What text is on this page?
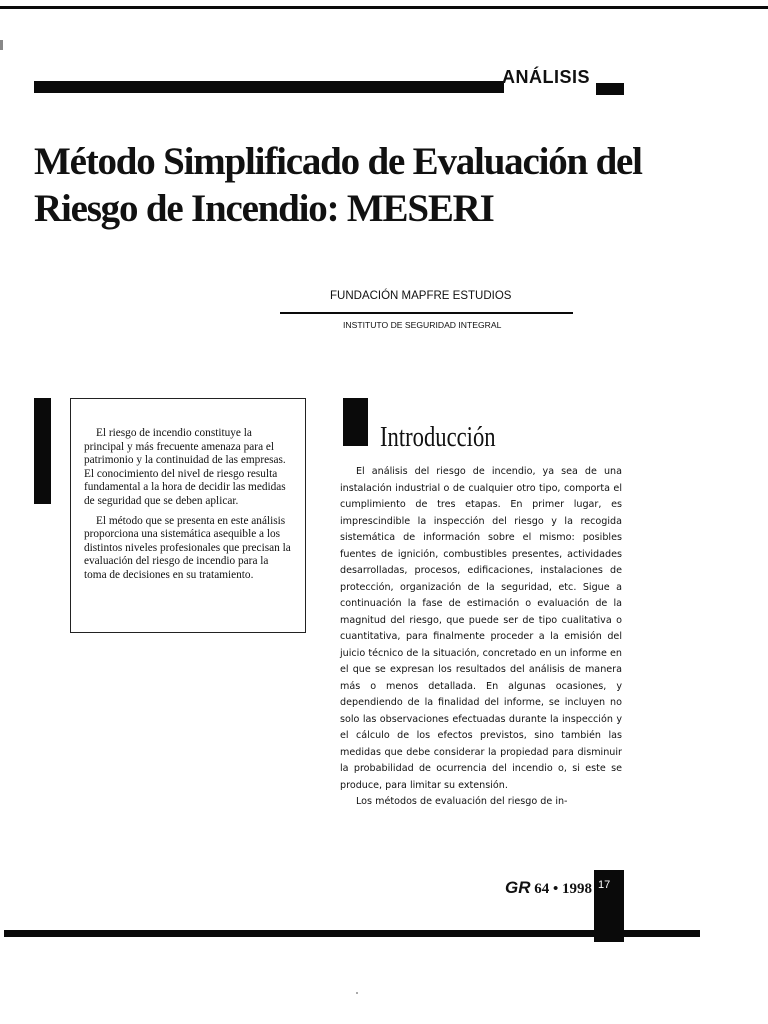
ANÁLISIS
Método Simplificado de Evaluación del Riesgo de Incendio: MESERI
FUNDACIÓN MAPFRE ESTUDIOS
INSTITUTO DE SEGURIDAD INTEGRAL

El riesgo de incendio constituye la principal y más frecuente amenaza para el patrimonio y la continuidad de las empresas. El conocimiento del nivel de riesgo resulta fundamental a la hora de decidir las medidas de seguridad que se deben aplicar.

El método que se presenta en este análisis proporciona una sistemática asequible a los distintos niveles profesionales que precisan la evaluación del riesgo de incendio para la toma de decisiones en su tratamiento.

Introducción

El análisis del riesgo de incendio, ya sea de una instalación industrial o de cualquier otro tipo, comporta el cumplimiento de tres etapas. En primer lugar, es imprescindible la inspección del riesgo y la recogida sistemática de información sobre el mismo: posibles fuentes de ignición, combustibles presentes, actividades desarrolladas, procesos, edificaciones, instalaciones de protección, organización de la seguridad, etc. Sigue a continuación la fase de estimación o evaluación de la magnitud del riesgo, que puede ser de tipo cualitativa o cuantitativa, para finalmente proceder a la emisión del juicio técnico de la situación, concretado en un informe en el que se expresan los resultados del análisis de manera más o menos detallada. En algunas ocasiones, y dependiendo de la finalidad del informe, se incluyen no solo las observaciones efectuadas durante la inspección y el cálculo de los efectos previstos, sino también las medidas que debe considerar la propiedad para disminuir la probabilidad de ocurrencia del incendio o, si este se produce, para limitar su extensión.

Los métodos de evaluación del riesgo de in-

GR 64 • 1998 17
